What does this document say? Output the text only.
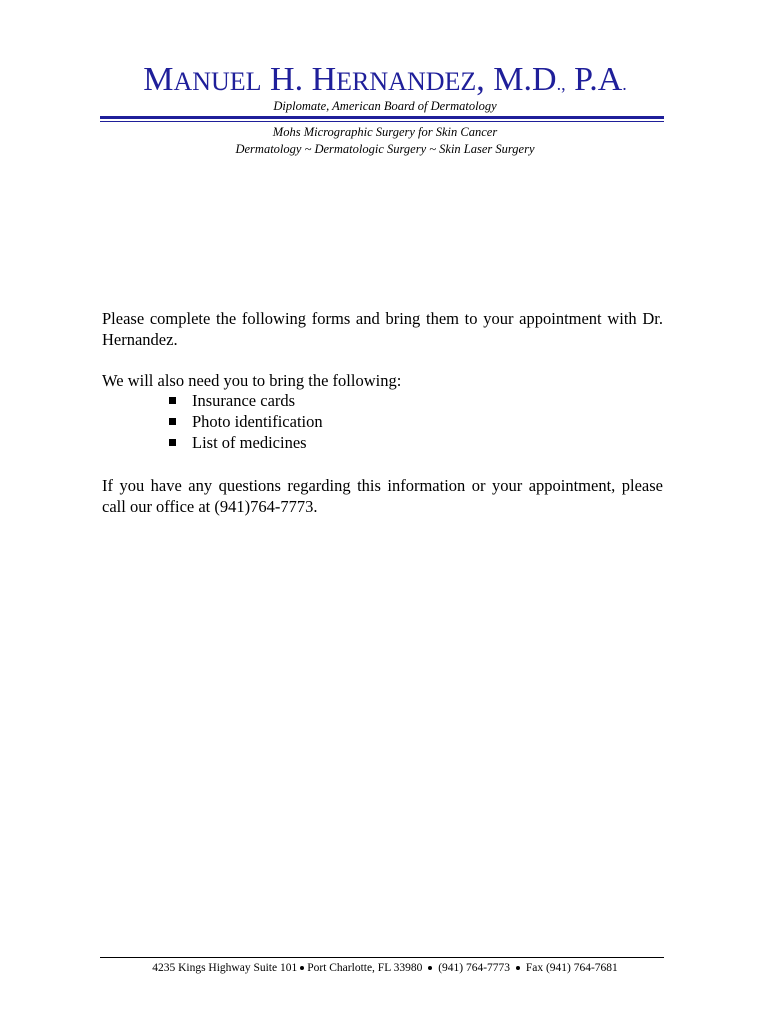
MANUEL H. HERNANDEZ, M.D., P.A.
Diplomate, American Board of Dermatology
Mohs Micrographic Surgery for Skin Cancer
Dermatology ~ Dermatologic Surgery ~ Skin Laser Surgery
Please complete the following forms and bring them to your appointment with Dr. Hernandez.
We will also need you to bring the following:
Insurance cards
Photo identification
List of medicines
If you have any questions regarding this information or your appointment, please call our office at (941)764-7773.
4235 Kings Highway Suite 101 Port Charlotte, FL 33980 (941) 764-7773 Fax (941) 764-7681
